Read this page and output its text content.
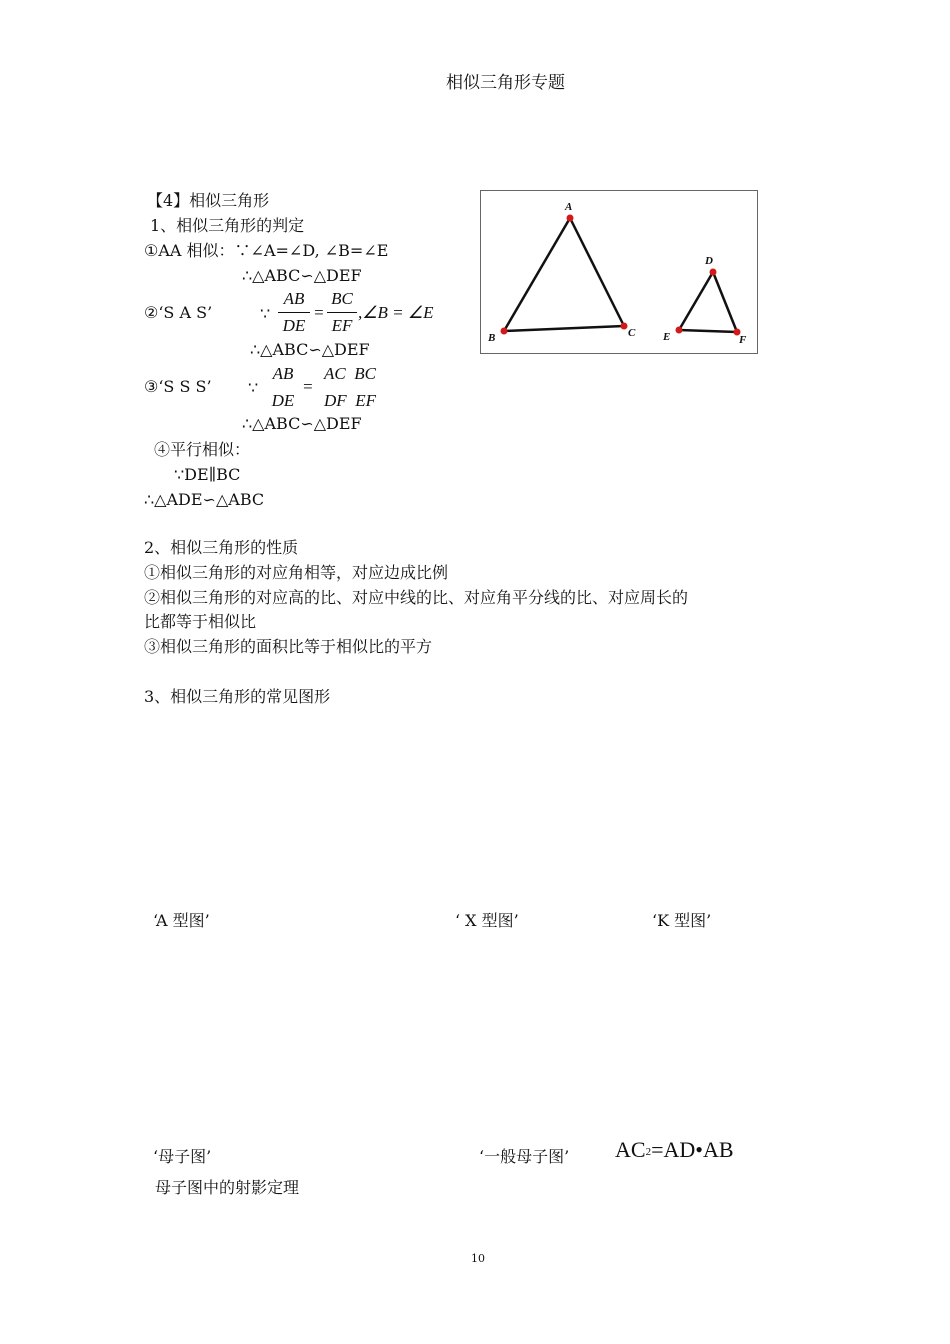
相似三角形专题
【4】相似三角形
1、相似三角形的判定
①AA 相似：∵∠A=∠D, ∠B=∠E
∴△ABC∽△DEF
②‘S A S’	∵
AB
DE
=
BC
EF
,∠B = ∠E
∴△ABC∽△DEF
③‘S S S’ ∵
AB
DE
=
AC  BC
DF  EF
∴△ABC∽△DEF
④平行相似：
∵DE∥BC
∴△ADE∽△ABC
2、相似三角形的性质
①相似三角形的对应角相等，对应边成比例
②相似三角形的对应高的比、对应中线的比、对应角平分线的比、对应周长的
比都等于相似比
③相似三角形的面积比等于相似比的平方
3、相似三角形的常见图形
A
B	C
D
E	F
‘A 型图’	‘ X 型图’	‘K 型图’
‘母子图’	‘一般母子图’ $AC^2=AD•AB$
母子图中的射影定理
10
